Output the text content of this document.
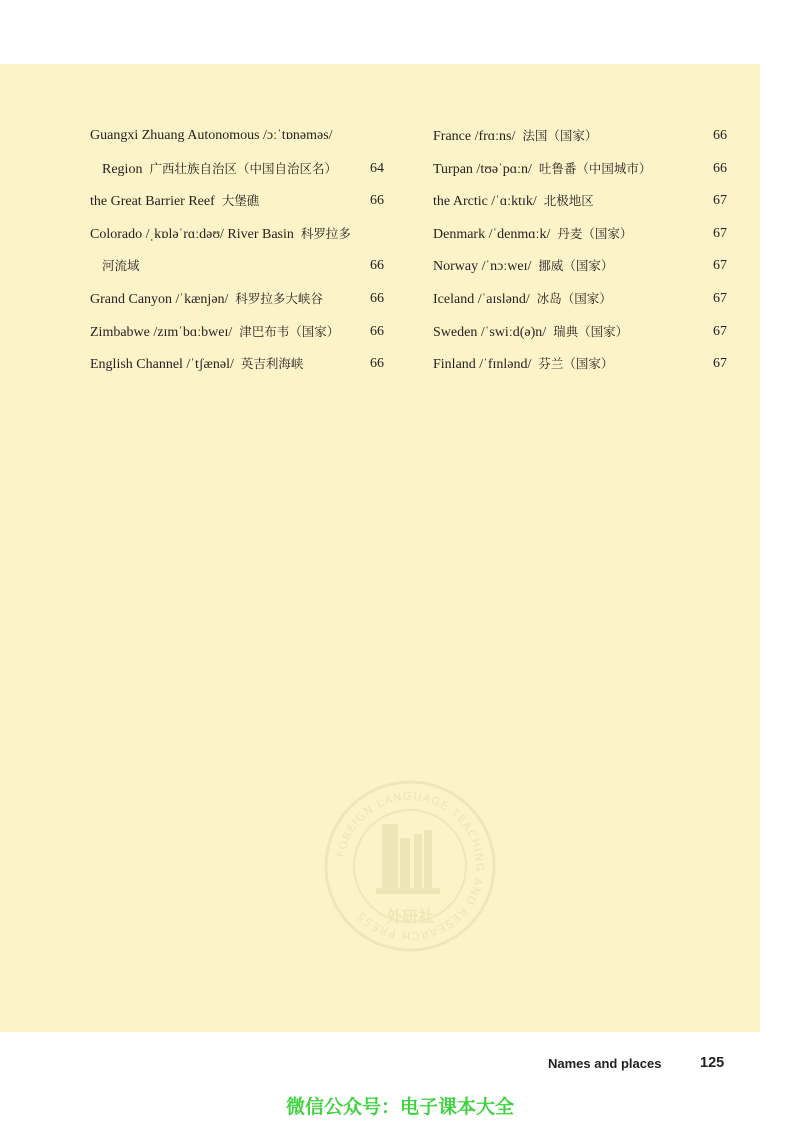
Guangxi Zhuang Autonomous /ɔːˈtɒnəməs/
Region 广西壮族自治区（中国自治区名） 64
the Great Barrier Reef 大堡礁	66
Colorado /ˌkɒləˈrɑːdəʊ/ River Basin 科罗拉多
河流域	66
Grand Canyon /ˈkænjən/ 科罗拉多大峡谷	66
Zimbabwe /zɪmˈbɑːbweɪ/ 津巴布韦（国家） 66
English Channel /ˈtʃænəl/ 英吉利海峡	66
France /frɑːns/ 法国（国家）	66
Turpan /tʊəˈpɑːn/ 吐鲁番（中国城市）	66
the Arctic /ˈɑːktɪk/ 北极地区	67
Denmark /ˈdenmɑːk/ 丹麦（国家）	67
Norway /ˈnɔːweɪ/ 挪威（国家）	67
Iceland /ˈaɪslənd/ 冰岛（国家）	67
Sweden /ˈswiːd(ə)n/ 瑞典（国家）	67
Finland /ˈfɪnlənd/ 芬兰（国家）	67
FOREIGN LANGUAGE TEACHING AND RESEARCH PRESS	外研社
Names and places	125
微信公众号：电子课本大全
